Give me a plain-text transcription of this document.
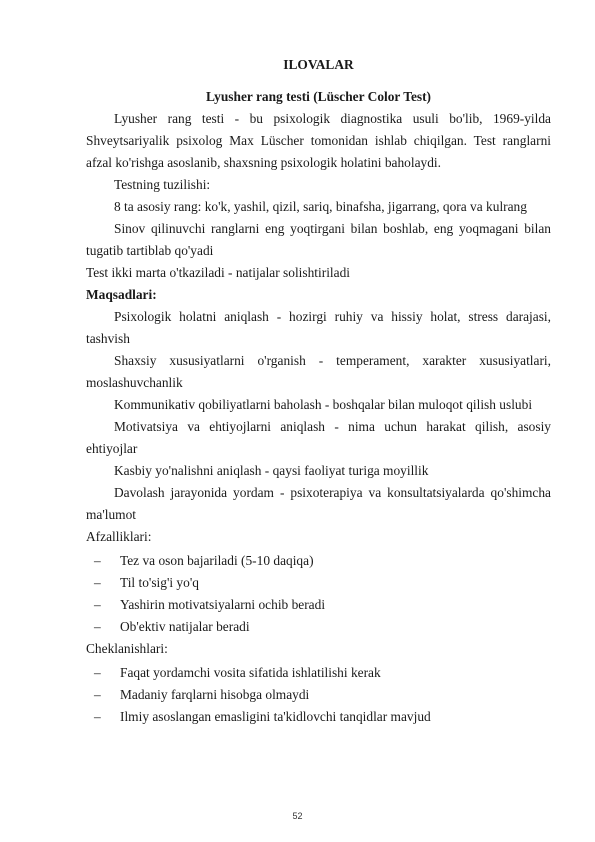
ILOVALAR

Lyusher rang testi (Lüscher Color Test)

Lyusher rang testi - bu psixologik diagnostika usuli bo'lib, 1969-yilda Shveytsariyalik psixolog Max Lüscher tomonidan ishlab chiqilgan. Test ranglarni afzal ko'rishga asoslanib, shaxsning psixologik holatini baholaydi.

Testning tuzilishi:

8 ta asosiy rang: ko'k, yashil, qizil, sariq, binafsha, jigarrang, qora va kulrang

Sinov qilinuvchi ranglarni eng yoqtirgani bilan boshlab, eng yoqmagani bilan tugatib tartiblab qo'yadi

Test ikki marta o'tkaziladi - natijalar solishtiriladi

Maqsadlari:

Psixologik holatni aniqlash - hozirgi ruhiy va hissiy holat, stress darajasi, tashvish

Shaxsiy xususiyatlarni o'rganish - temperament, xarakter xususiyatlari, moslashuvchanlik

Kommunikativ qobiliyatlarni baholash - boshqalar bilan muloqot qilish uslubi

Motivatsiya va ehtiyojlarni aniqlash - nima uchun harakat qilish, asosiy ehtiyojlar

Kasbiy yo'nalishni aniqlash - qaysi faoliyat turiga moyillik

Davolash jarayonida yordam - psixoterapiya va konsultatsiyalarda qo'shimcha ma'lumot

Afzalliklari:

–	Tez va oson bajariladi (5-10 daqiqa)
–	Til to'sig'i yo'q
–	Yashirin motivatsiyalarni ochib beradi
–	Ob'ektiv natijalar beradi

Cheklanishlari:

–	Faqat yordamchi vosita sifatida ishlatilishi kerak
–	Madaniy farqlarni hisobga olmaydi
–	Ilmiy asoslangan emasligini ta'kidlovchi tanqidlar mavjud
52
